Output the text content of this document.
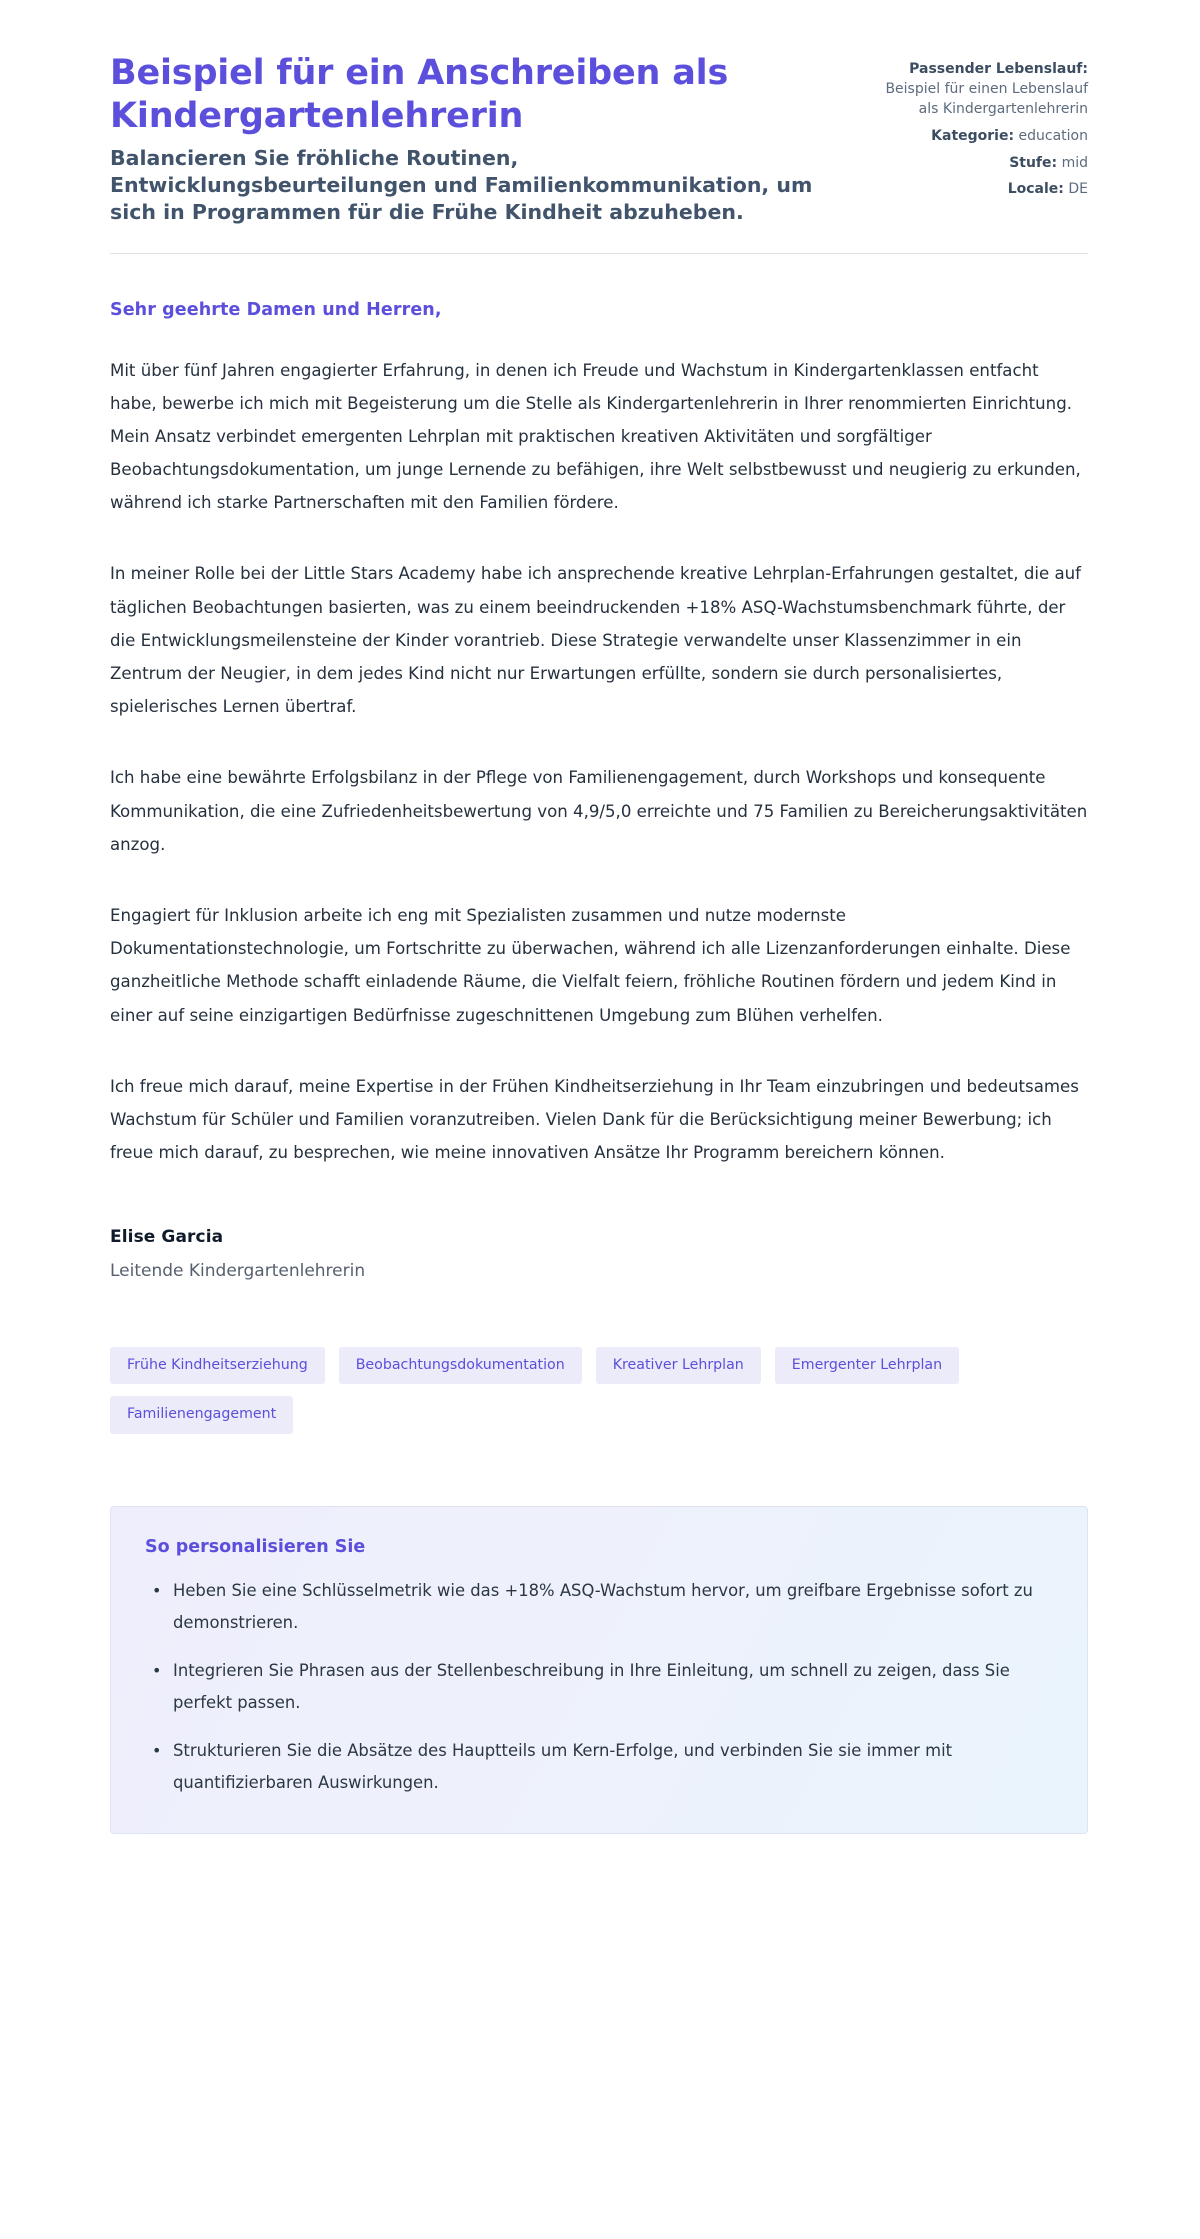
Beispiel für ein Anschreiben als Kindergartenlehrerin

Balancieren Sie fröhliche Routinen, Entwicklungsbeurteilungen und Familienkommunikation, um sich in Programmen für die Frühe Kindheit abzuheben.

Passender Lebenslauf:
Beispiel für einen Lebenslauf als Kindergartenlehrerin
Kategorie: education
Stufe: mid
Locale: DE

Sehr geehrte Damen und Herren,

Mit über fünf Jahren engagierter Erfahrung, in denen ich Freude und Wachstum in Kindergartenklassen entfacht habe, bewerbe ich mich mit Begeisterung um die Stelle als Kindergartenlehrerin in Ihrer renommierten Einrichtung. Mein Ansatz verbindet emergenten Lehrplan mit praktischen kreativen Aktivitäten und sorgfältiger Beobachtungsdokumentation, um junge Lernende zu befähigen, ihre Welt selbstbewusst und neugierig zu erkunden, während ich starke Partnerschaften mit den Familien fördere.

In meiner Rolle bei der Little Stars Academy habe ich ansprechende kreative Lehrplan-Erfahrungen gestaltet, die auf täglichen Beobachtungen basierten, was zu einem beeindruckenden +18% ASQ-Wachstumsbenchmark führte, der die Entwicklungsmeilensteine der Kinder vorantrieb. Diese Strategie verwandelte unser Klassenzimmer in ein Zentrum der Neugier, in dem jedes Kind nicht nur Erwartungen erfüllte, sondern sie durch personalisiertes, spielerisches Lernen übertraf.

Ich habe eine bewährte Erfolgsbilanz in der Pflege von Familienengagement, durch Workshops und konsequente Kommunikation, die eine Zufriedenheitsbewertung von 4,9/5,0 erreichte und 75 Familien zu Bereicherungsaktivitäten anzog.

Engagiert für Inklusion arbeite ich eng mit Spezialisten zusammen und nutze modernste Dokumentationstechnologie, um Fortschritte zu überwachen, während ich alle Lizenzanforderungen einhalte. Diese ganzheitliche Methode schafft einladende Räume, die Vielfalt feiern, fröhliche Routinen fördern und jedem Kind in einer auf seine einzigartigen Bedürfnisse zugeschnittenen Umgebung zum Blühen verhelfen.

Ich freue mich darauf, meine Expertise in der Frühen Kindheitserziehung in Ihr Team einzubringen und bedeutsames Wachstum für Schüler und Familien voranzutreiben. Vielen Dank für die Berücksichtigung meiner Bewerbung; ich freue mich darauf, zu besprechen, wie meine innovativen Ansätze Ihr Programm bereichern können.

Elise Garcia

Leitende Kindergartenlehrerin

Frühe Kindheitserziehung	Beobachtungsdokumentation	Kreativer Lehrplan	Emergenter Lehrplan
Familienengagement
So personalisieren Sie
• Heben Sie eine Schlüsselmetrik wie das +18% ASQ-Wachstum hervor, um greifbare Ergebnisse sofort zu demonstrieren.
• Integrieren Sie Phrasen aus der Stellenbeschreibung in Ihre Einleitung, um schnell zu zeigen, dass Sie perfekt passen.
• Strukturieren Sie die Absätze des Hauptteils um Kern-Erfolge, und verbinden Sie sie immer mit quantifizierbaren Auswirkungen.
